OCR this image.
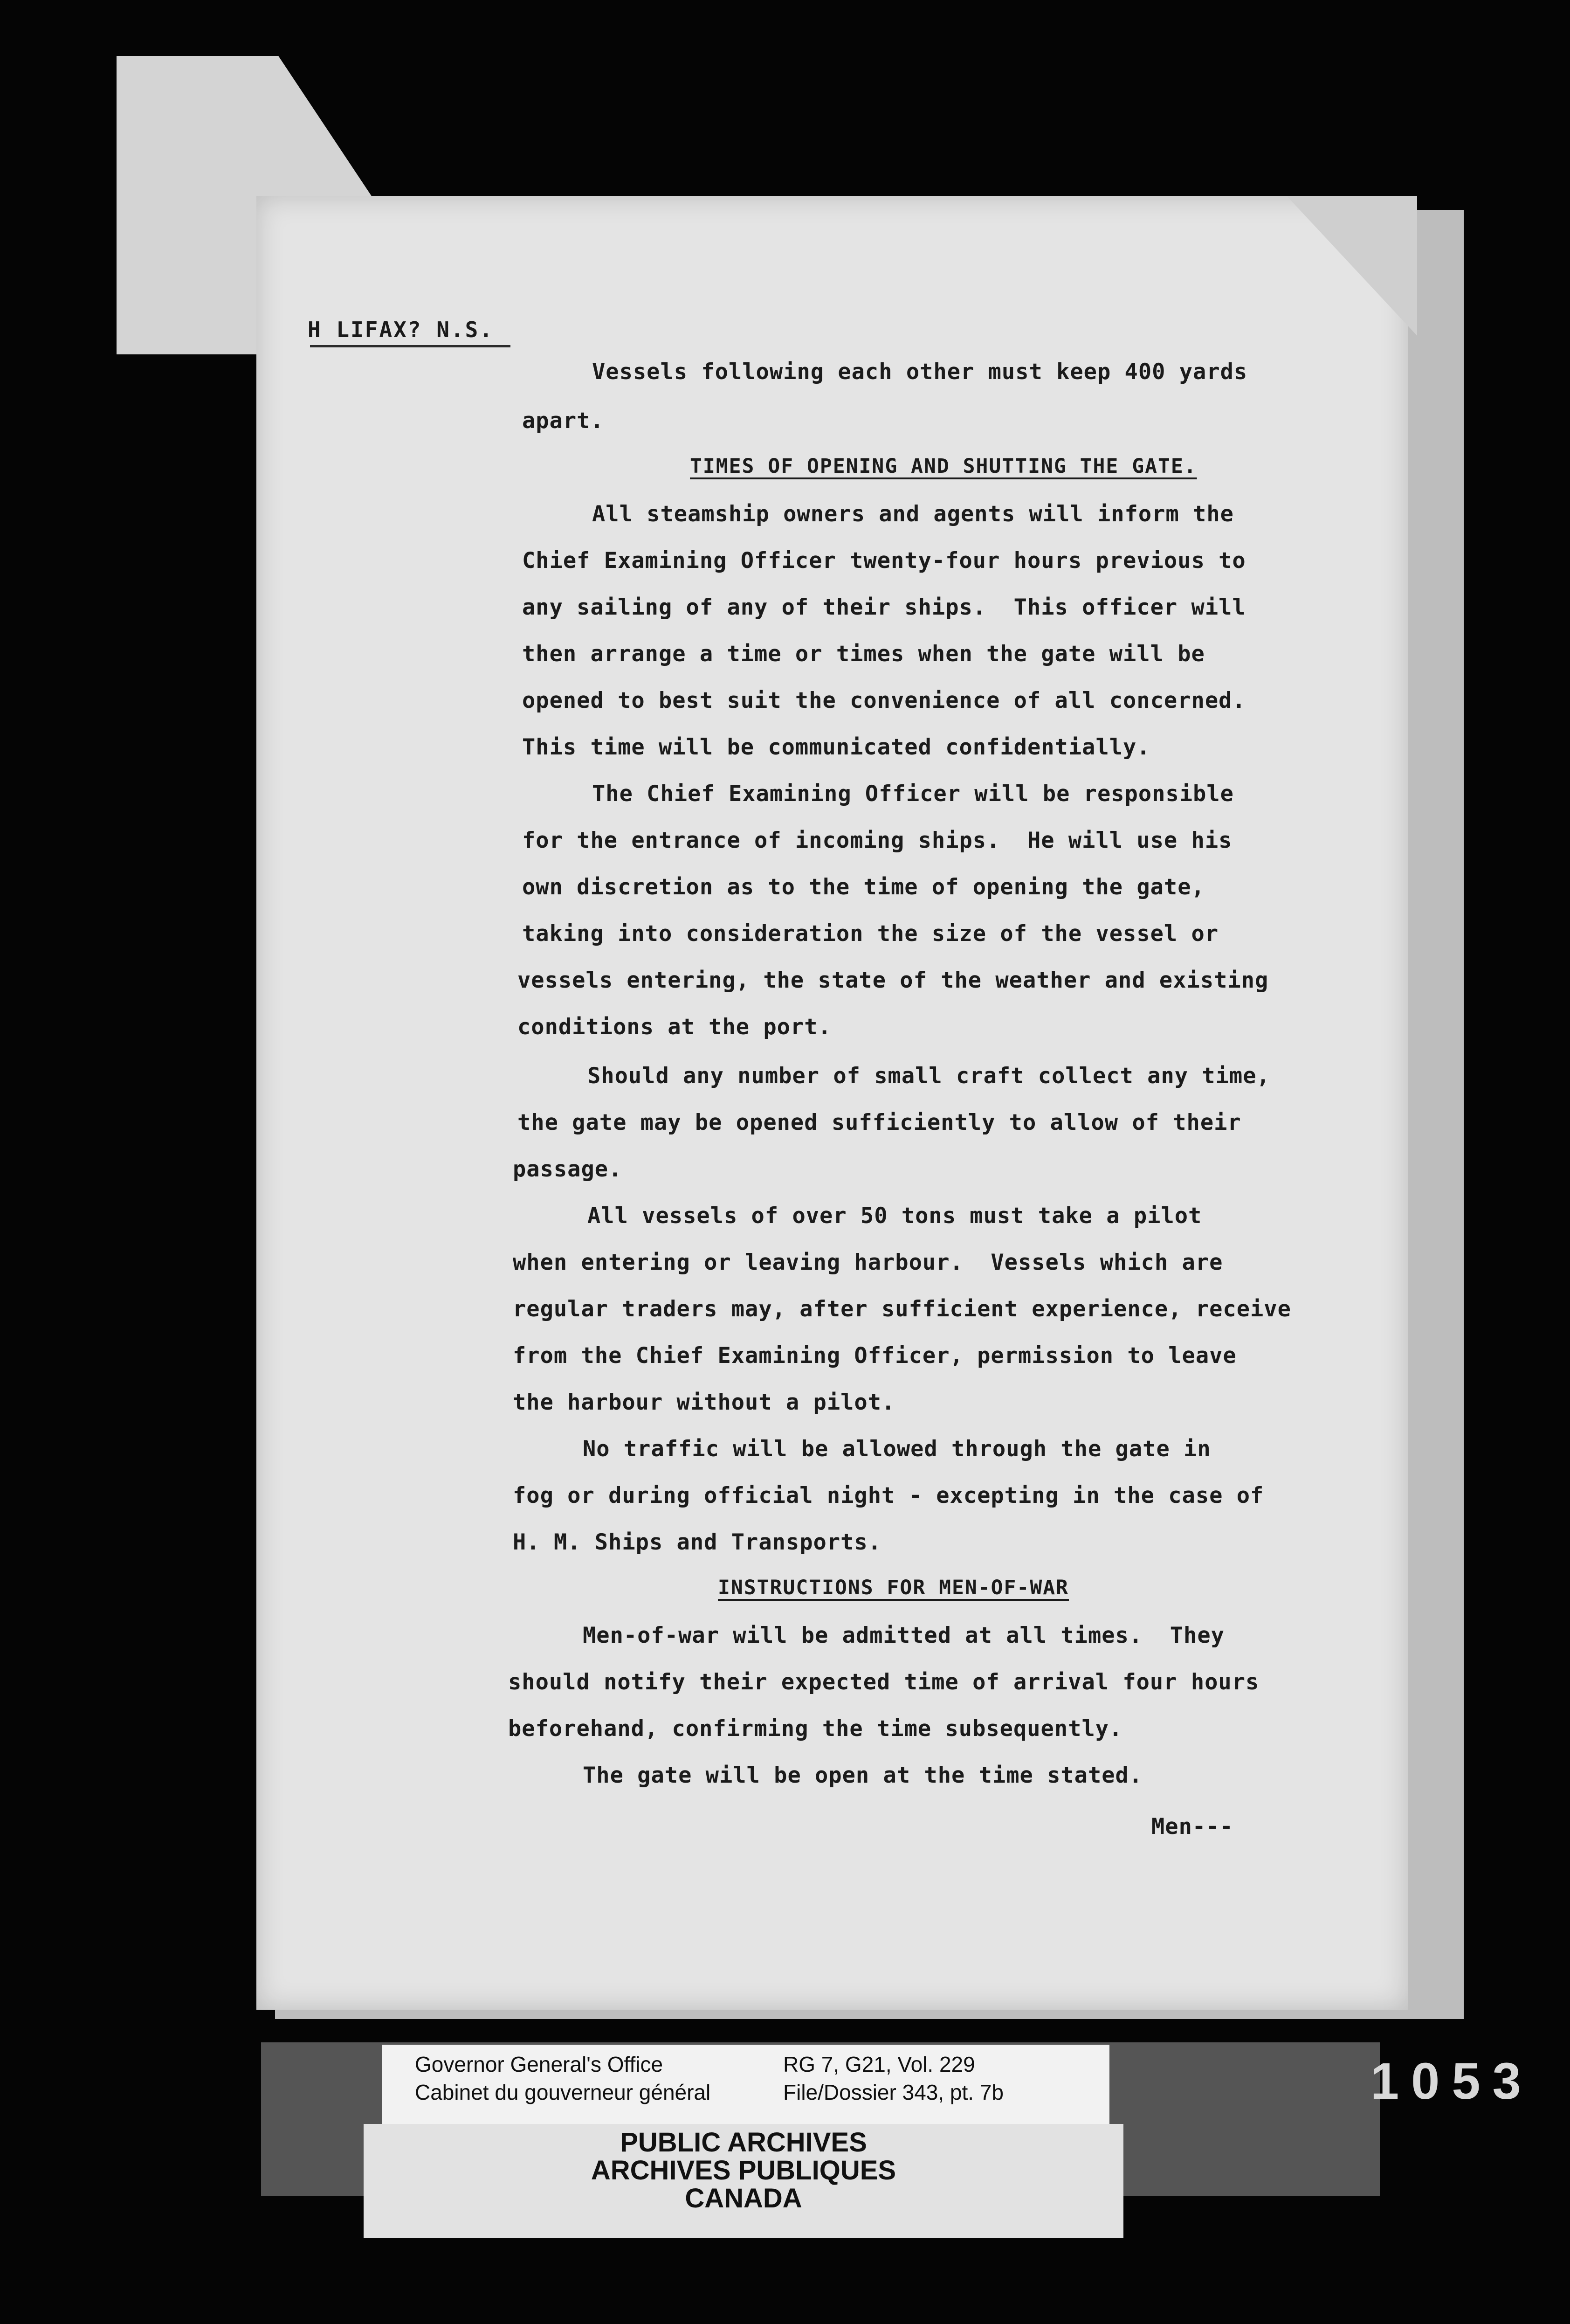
H LIFAX? N.S.
Vessels following each other must keep 400 yards
apart.
TIMES OF OPENING AND SHUTTING THE GATE.
All steamship owners and agents will inform the
Chief Examining Officer twenty-four hours previous to
any sailing of any of their ships.  This officer will
then arrange a time or times when the gate will be
opened to best suit the convenience of all concerned.
This time will be communicated confidentially.
The Chief Examining Officer will be responsible
for the entrance of incoming ships.  He will use his
own discretion as to the time of opening the gate,
taking into consideration the size of the vessel or
vessels entering, the state of the weather and existing
conditions at the port.
Should any number of small craft collect any time,
the gate may be opened sufficiently to allow of their
passage.
All vessels of over 50 tons must take a pilot
when entering or leaving harbour.  Vessels which are
regular traders may, after sufficient experience, receive
from the Chief Examining Officer, permission to leave
the harbour without a pilot.
No traffic will be allowed through the gate in
fog or during official night - excepting in the case of
H. M. Ships and Transports.
INSTRUCTIONS FOR MEN-OF-WAR
Men-of-war will be admitted at all times.  They
should notify their expected time of arrival four hours
beforehand, confirming the time subsequently.
The gate will be open at the time stated.
Men---
Governor General's Office
Cabinet du gouverneur général
RG 7, G21, Vol. 229
File/Dossier 343, pt. 7b
PUBLIC ARCHIVES
ARCHIVES PUBLIQUES
CANADA
1053
